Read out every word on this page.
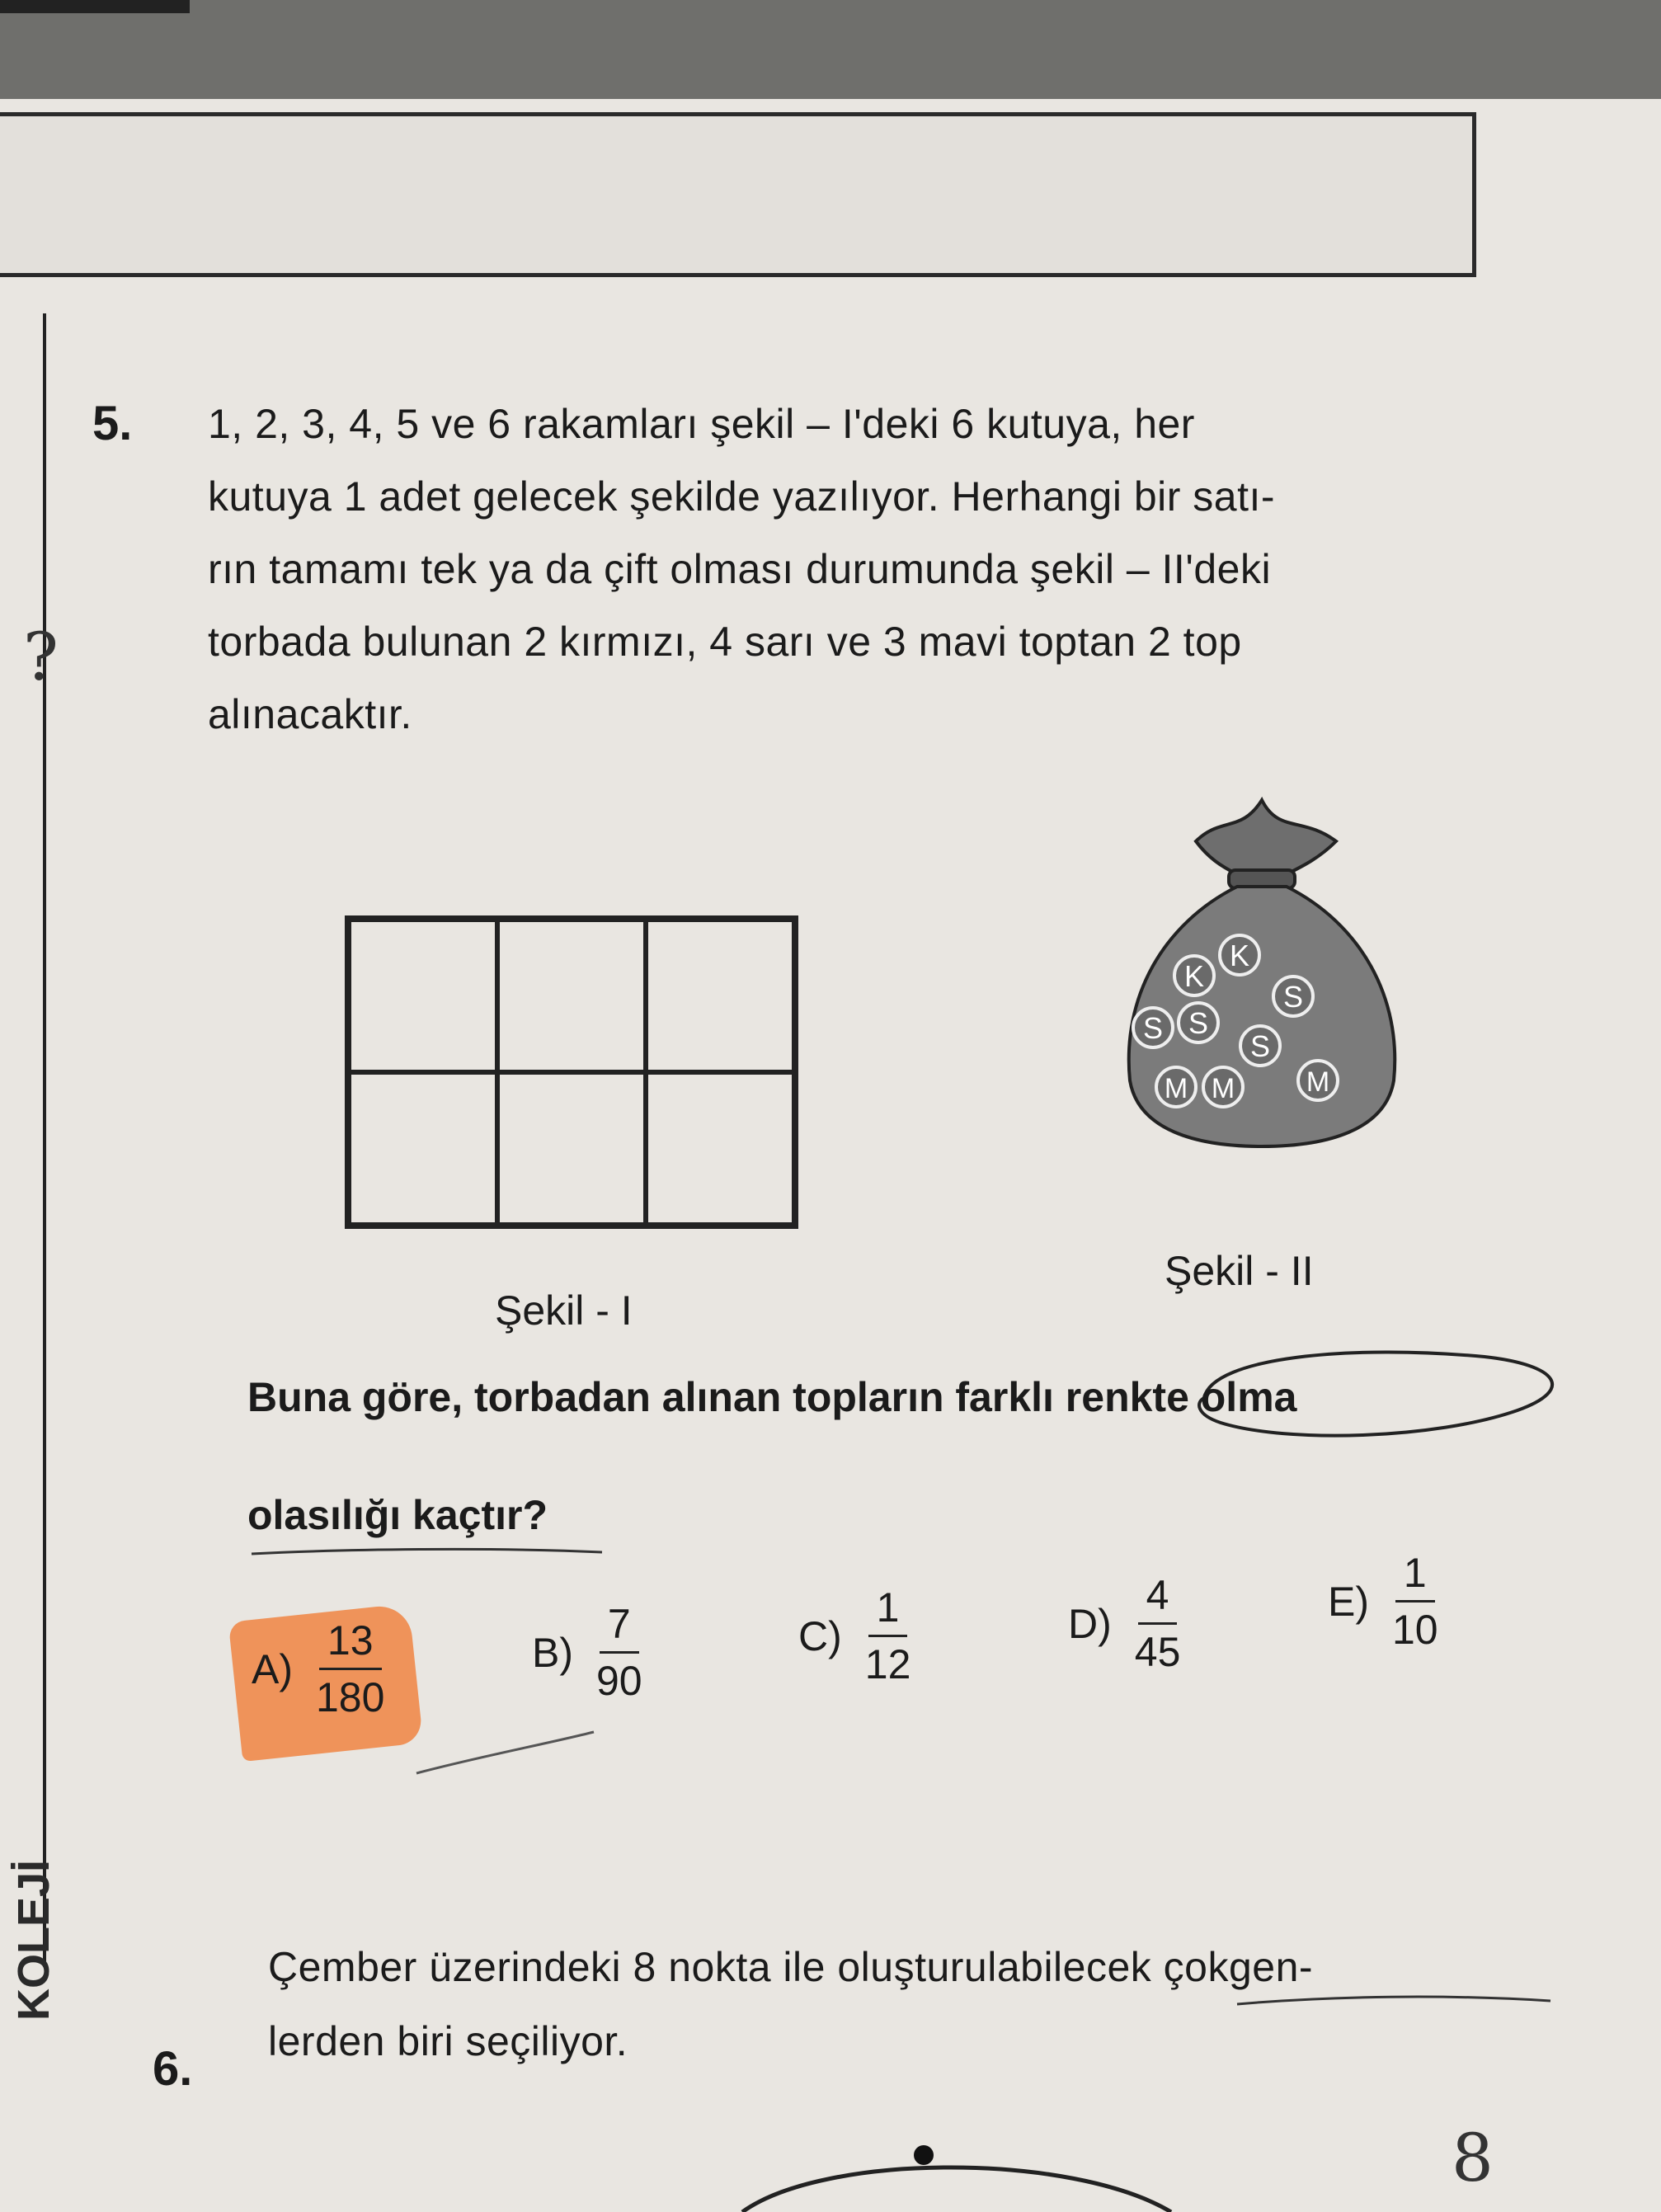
?
5. 1, 2, 3, 4, 5 ve 6 rakamları şekil – I'deki 6 kutuya, her
kutuya 1 adet gelecek şekilde yazılıyor. Herhangi bir satı-
rın tamamı tek ya da çift olması durumunda şekil – II'deki
torbada bulunan 2 kırmızı, 4 sarı ve 3 mavi toptan 2 top
alınacaktır.
Şekil - I
K
K
S
S S
S
M M	M
Şekil - II
Buna göre, torbadan alınan topların farklı renkte olma
olasılığı kaçtır?
$A) \frac{13}{180}$	$B) \frac{7}{90}$	$C) \frac{1}{12}$	$D) \frac{4}{45}$	$E) \frac{1}{10}$
6.
Çember üzerindeki 8 nokta ile oluşturulabilecek çokgen-
lerden biri seçiliyor.
8
KOLEJİ
